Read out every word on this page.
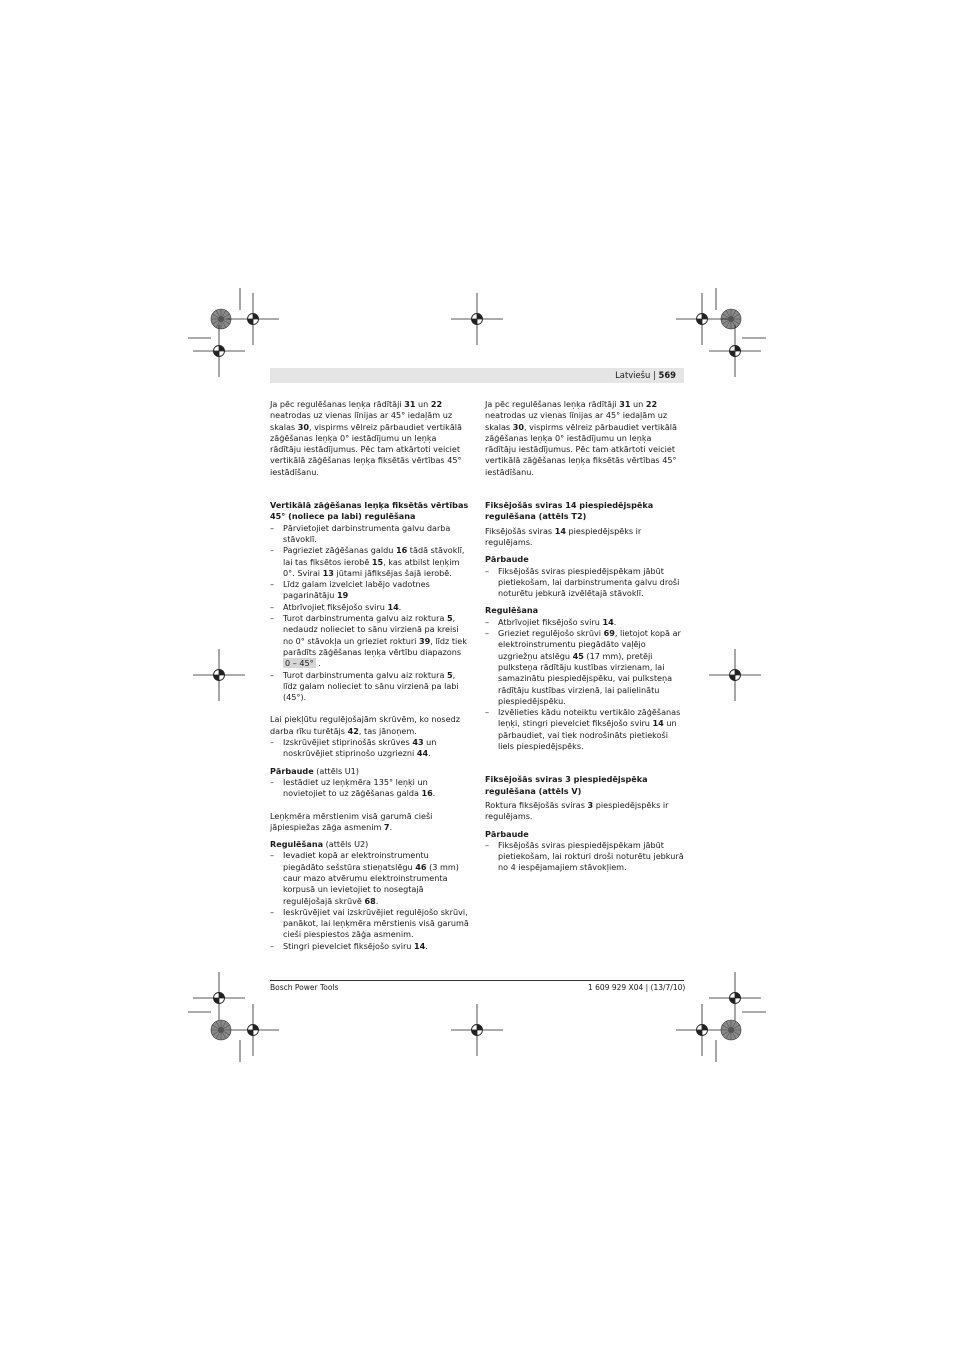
Latviešu | 569

Ja pēc regulēšanas leņķa rādītāji 31 un 22 neatrodas uz vienas līnijas ar 45° iedaļām uz skalas 30, vispirms vēlreiz pārbaudiet vertikālā zāģēšanas leņķa 0° iestādījumu un leņķa rādītāju iestādījumus. Pēc tam atkārtoti veiciet vertikālā zāģēšanas leņķa fiksētās vērtības 45° iestādīšanu.

Vertikālā zāģēšanas leņķa fiksētās vērtības 45° (noliece pa labi) regulēšana

– Pārvietojiet darbinstrumenta galvu darba stāvoklī.
– Pagrieziet zāģēšanas galdu 16 tādā stāvoklī, lai tas fiksētos ierobē 15, kas atbilst leņķim 0°. Svirai 13 jūtami jāfiksējas šajā ierobē.
– Līdz galam izvelciet labējo vadotnes pagarinātāju 19
– Atbrīvojiet fiksējošo sviru 14.
– Turot darbinstrumenta galvu aiz roktura 5, nedaudz nolieciet to sānu virzienā pa kreisi no 0° stāvokļa un grieziet rokturi 39, līdz tiek parādīts zāģēšanas leņķa vērtību diapazons 0 – 45° .
– Turot darbinstrumenta galvu aiz roktura 5, līdz galam nolieciet to sānu virzienā pa labi (45°).

Lai piekļūtu regulējošajām skrūvēm, ko nosedz darba rīku turētājs 42, tas jānoņem.

– Izskrūvējiet stiprinošās skrūves 43 un noskrūvējiet stiprinošo uzgriezni 44.

Pārbaude (attēls U1)

– Iestādiet uz leņķmēra 135° leņķi un novietojiet to uz zāģēšanas galda 16.

Leņķmēra mērstienim visā garumā cieši jāpiespiežas zāģa asmenim 7.

Regulēšana (attēls U2)

– Ievadiet kopā ar elektroinstrumentu piegādāto sešstūra stieņatslēgu 46 (3 mm) caur mazo atvērumu elektroinstrumenta korpusā un ievietojiet to nosegtajā regulējošajā skrūvē 68.
– Ieskrūvējiet vai izskrūvējiet regulējošo skrūvi, panākot, lai leņķmēra mērstienis visā garumā cieši piespiestos zāģa asmenim.
– Stingri pievelciet fiksējošo sviru 14.

Ja pēc regulēšanas leņķa rādītāji 31 un 22 neatrodas uz vienas līnijas ar 45° iedaļām uz skalas 30, vispirms vēlreiz pārbaudiet vertikālā zāģēšanas leņķa 0° iestādījumu un leņķa rādītāju iestādījumus. Pēc tam atkārtoti veiciet vertikālā zāģēšanas leņķa fiksētās vērtības 45° iestādīšanu.

Fiksējošās sviras 14 piespiedējspēka regulēšana (attēls T2)

Fiksējošās sviras 14 piespiedējspēks ir regulējams.

Pārbaude

– Fiksējošās sviras piespiedējspēkam jābūt pietiekošam, lai darbinstrumenta galvu droši noturētu jebkurā izvēlētajā stāvoklī.

Regulēšana

– Atbrīvojiet fiksējošo sviru 14.
– Grieziet regulējošo skrūvi 69, lietojot kopā ar elektroinstrumentu piegādāto vaļējo uzgriežņu atslēgu 45 (17 mm), pretēji pulksteņa rādītāju kustības virzienam, lai samazinātu piespiedējspēku, vai pulksteņa rādītāju kustības virzienā, lai palielinātu piespiedējspēku.
– Izvēlieties kādu noteiktu vertikālo zāģēšanas leņķi, stingri pievelciet fiksējošo sviru 14 un pārbaudiet, vai tiek nodrošināts pietiekoši liels piespiedējspēks.

Fiksējošās sviras 3 piespiedējspēka regulēšana (attēls V)

Roktura fiksējošās sviras 3 piespiedējspēks ir regulējams.

Pārbaude

– Fiksējošās sviras piespiedējspēkam jābūt pietiekošam, lai rokturi droši noturētu jebkurā no 4 iespējamajiem stāvokļiem.
Bosch Power Tools	1 609 929 X04 | (13/7/10)
